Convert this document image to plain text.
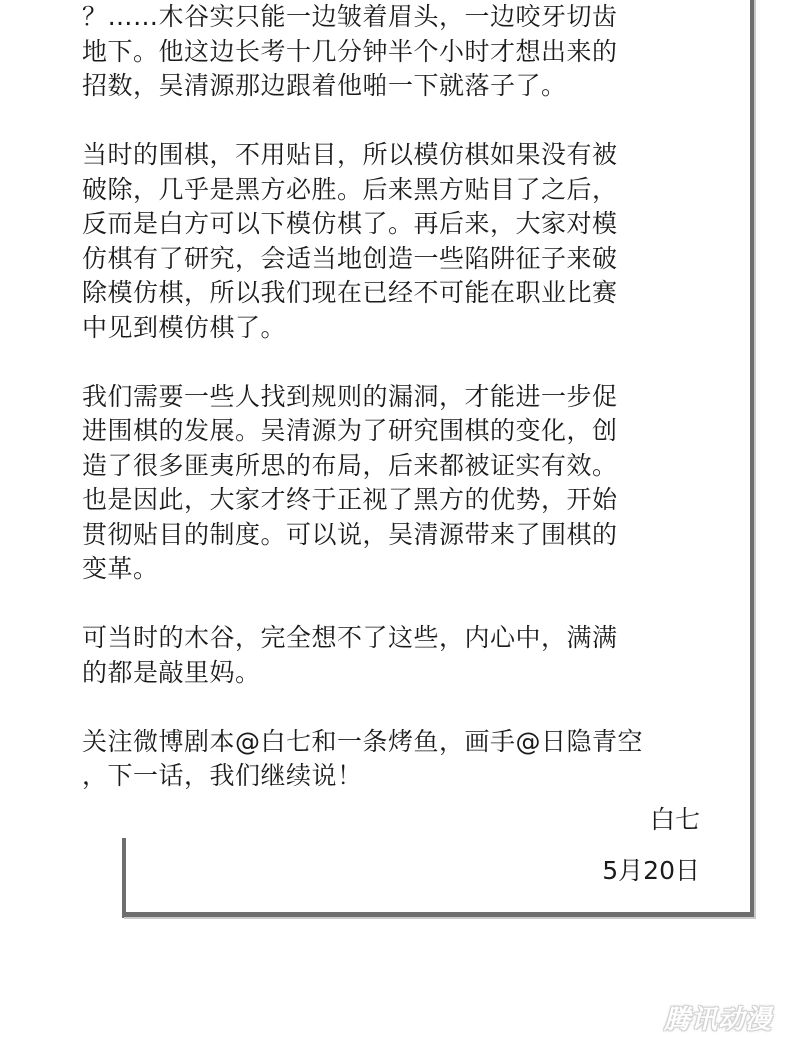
？……木谷实只能一边皱着眉头，一边咬牙切齿
地下。他这边长考十几分钟半个小时才想出来的
招数，吴清源那边跟着他啪一下就落子了。

当时的围棋，不用贴目，所以模仿棋如果没有被
破除，几乎是黑方必胜。后来黑方贴目了之后，
反而是白方可以下模仿棋了。再后来，大家对模
仿棋有了研究，会适当地创造一些陷阱征子来破
除模仿棋，所以我们现在已经不可能在职业比赛
中见到模仿棋了。

我们需要一些人找到规则的漏洞，才能进一步促
进围棋的发展。吴清源为了研究围棋的变化，创
造了很多匪夷所思的布局，后来都被证实有效。
也是因此，大家才终于正视了黑方的优势，开始
贯彻贴目的制度。可以说，吴清源带来了围棋的
变革。

可当时的木谷，完全想不了这些，内心中，满满
的都是敲里妈。

关注微博剧本@白七和一条烤鱼，画手@日隐青空
，下一话，我们继续说！

白七
5月20日
腾讯动漫
